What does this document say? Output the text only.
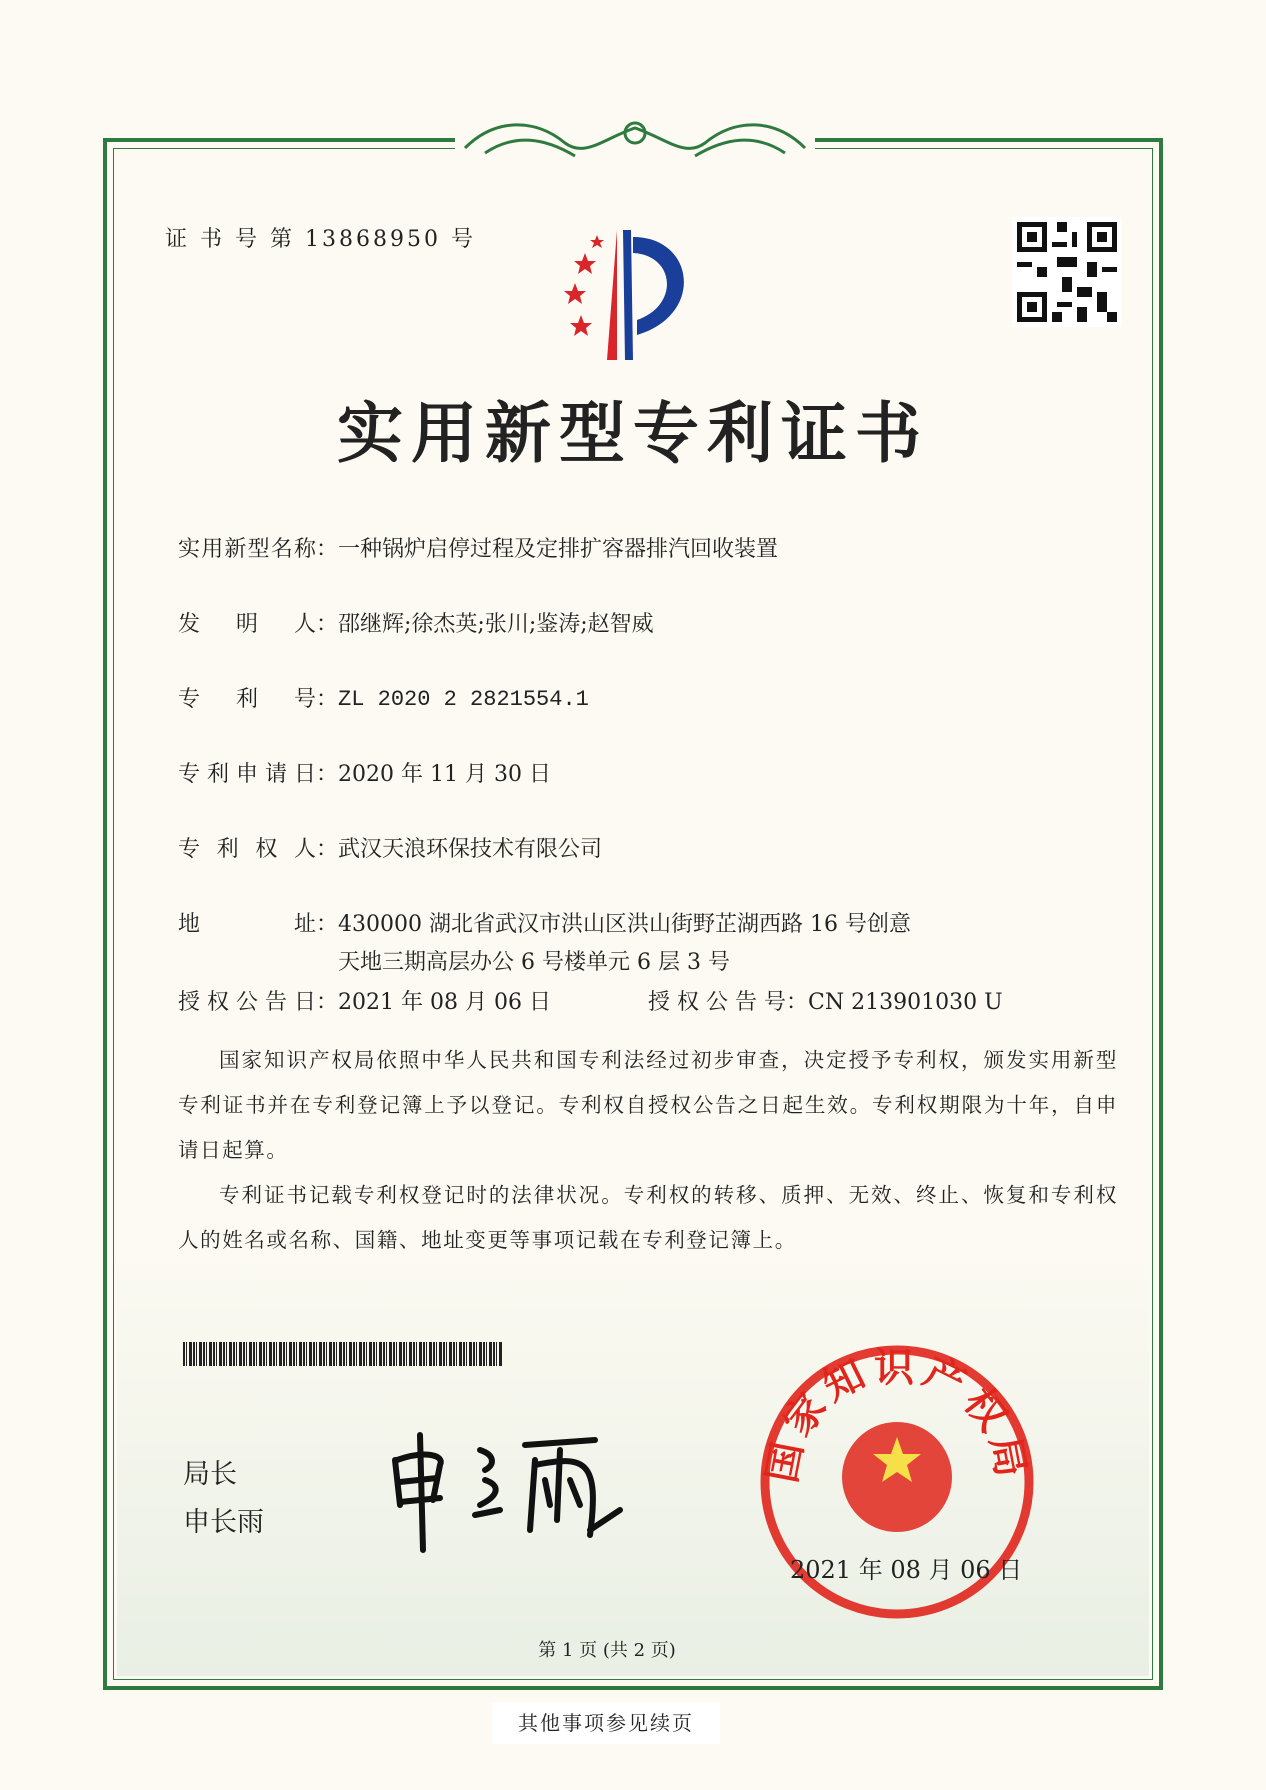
证 书 号 第 13868950 号
实用新型专利证书
实 用 新 型 名 称 ： 一种锅炉启停过程及定排扩容器排汽回收装置
发 明 人 ： 邵继辉;徐杰英;张川;鉴涛;赵智威
专 利 号 ： ZL 2020 2 2821554.1
专 利 申 请 日 ： 2020 年 11 月 30 日
专 利 权 人 ： 武汉天浪环保技术有限公司
地	址 ： 430000 湖北省武汉市洪山区洪山街野芷湖西路 16 号创意
天地三期高层办公 6 号楼单元 6 层 3 号
授 权 公 告 日 ： 2021 年 08 月 06 日	授 权 公 告 号 ： CN 213901030 U

国家知识产权局依照中华人民共和国专利法经过初步审查，决定授予专利权，颁发实用新型专利证书并在专利登记簿上予以登记。专利权自授权公告之日起生效。专利权期限为十年，自申请日起算。

专利证书记载专利权登记时的法律状况。专利权的转移、质押、无效、终止、恢复和专利权人的姓名或名称、国籍、地址变更等事项记载在专利登记簿上。

局长
申长雨
国家知识产权局
2021 年 08 月 06 日
第 1 页 (共 2 页)
其他事项参见续页
